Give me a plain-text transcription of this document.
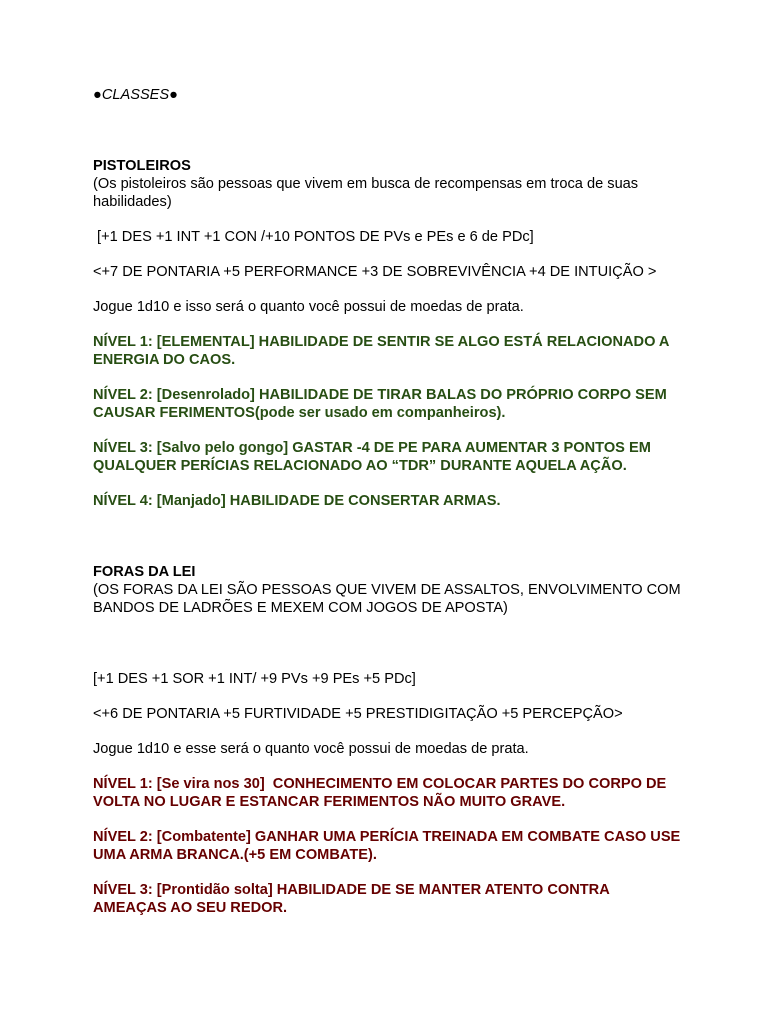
●CLASSES●

PISTOLEIROS

(Os pistoleiros são pessoas que vivem em busca de recompensas em troca de suas habilidades)

[+1 DES +1 INT +1 CON /+10 PONTOS DE PVs e PEs e 6 de PDc]

<+7 DE PONTARIA +5 PERFORMANCE +3 DE SOBREVIVÊNCIA +4 DE INTUIÇÃO >

Jogue 1d10 e isso será o quanto você possui de moedas de prata.

NÍVEL 1: [ELEMENTAL] HABILIDADE DE SENTIR SE ALGO ESTÁ RELACIONADO A ENERGIA DO CAOS.

NÍVEL 2: [Desenrolado] HABILIDADE DE TIRAR BALAS DO PRÓPRIO CORPO SEM CAUSAR FERIMENTOS(pode ser usado em companheiros).

NÍVEL 3: [Salvo pelo gongo] GASTAR -4 DE PE PARA AUMENTAR 3 PONTOS EM QUALQUER PERÍCIAS RELACIONADO AO “TDR” DURANTE AQUELA AÇÃO.

NÍVEL 4: [Manjado] HABILIDADE DE CONSERTAR ARMAS.

FORAS DA LEI

(OS FORAS DA LEI SÃO PESSOAS QUE VIVEM DE ASSALTOS, ENVOLVIMENTO COM BANDOS DE LADRÕES E MEXEM COM JOGOS DE APOSTA)

[+1 DES +1 SOR +1 INT/ +9 PVs +9 PEs +5 PDc]

<+6 DE PONTARIA +5 FURTIVIDADE +5 PRESTIDIGITAÇÃO +5 PERCEPÇÃO>

Jogue 1d10 e esse será o quanto você possui de moedas de prata.

NÍVEL 1: [Se vira nos 30]  CONHECIMENTO EM COLOCAR PARTES DO CORPO DE VOLTA NO LUGAR E ESTANCAR FERIMENTOS NÃO MUITO GRAVE.

NÍVEL 2: [Combatente] GANHAR UMA PERÍCIA TREINADA EM COMBATE CASO USE UMA ARMA BRANCA.(+5 EM COMBATE).

NÍVEL 3: [Prontidão solta] HABILIDADE DE SE MANTER ATENTO CONTRA AMEAÇAS AO SEU REDOR.
